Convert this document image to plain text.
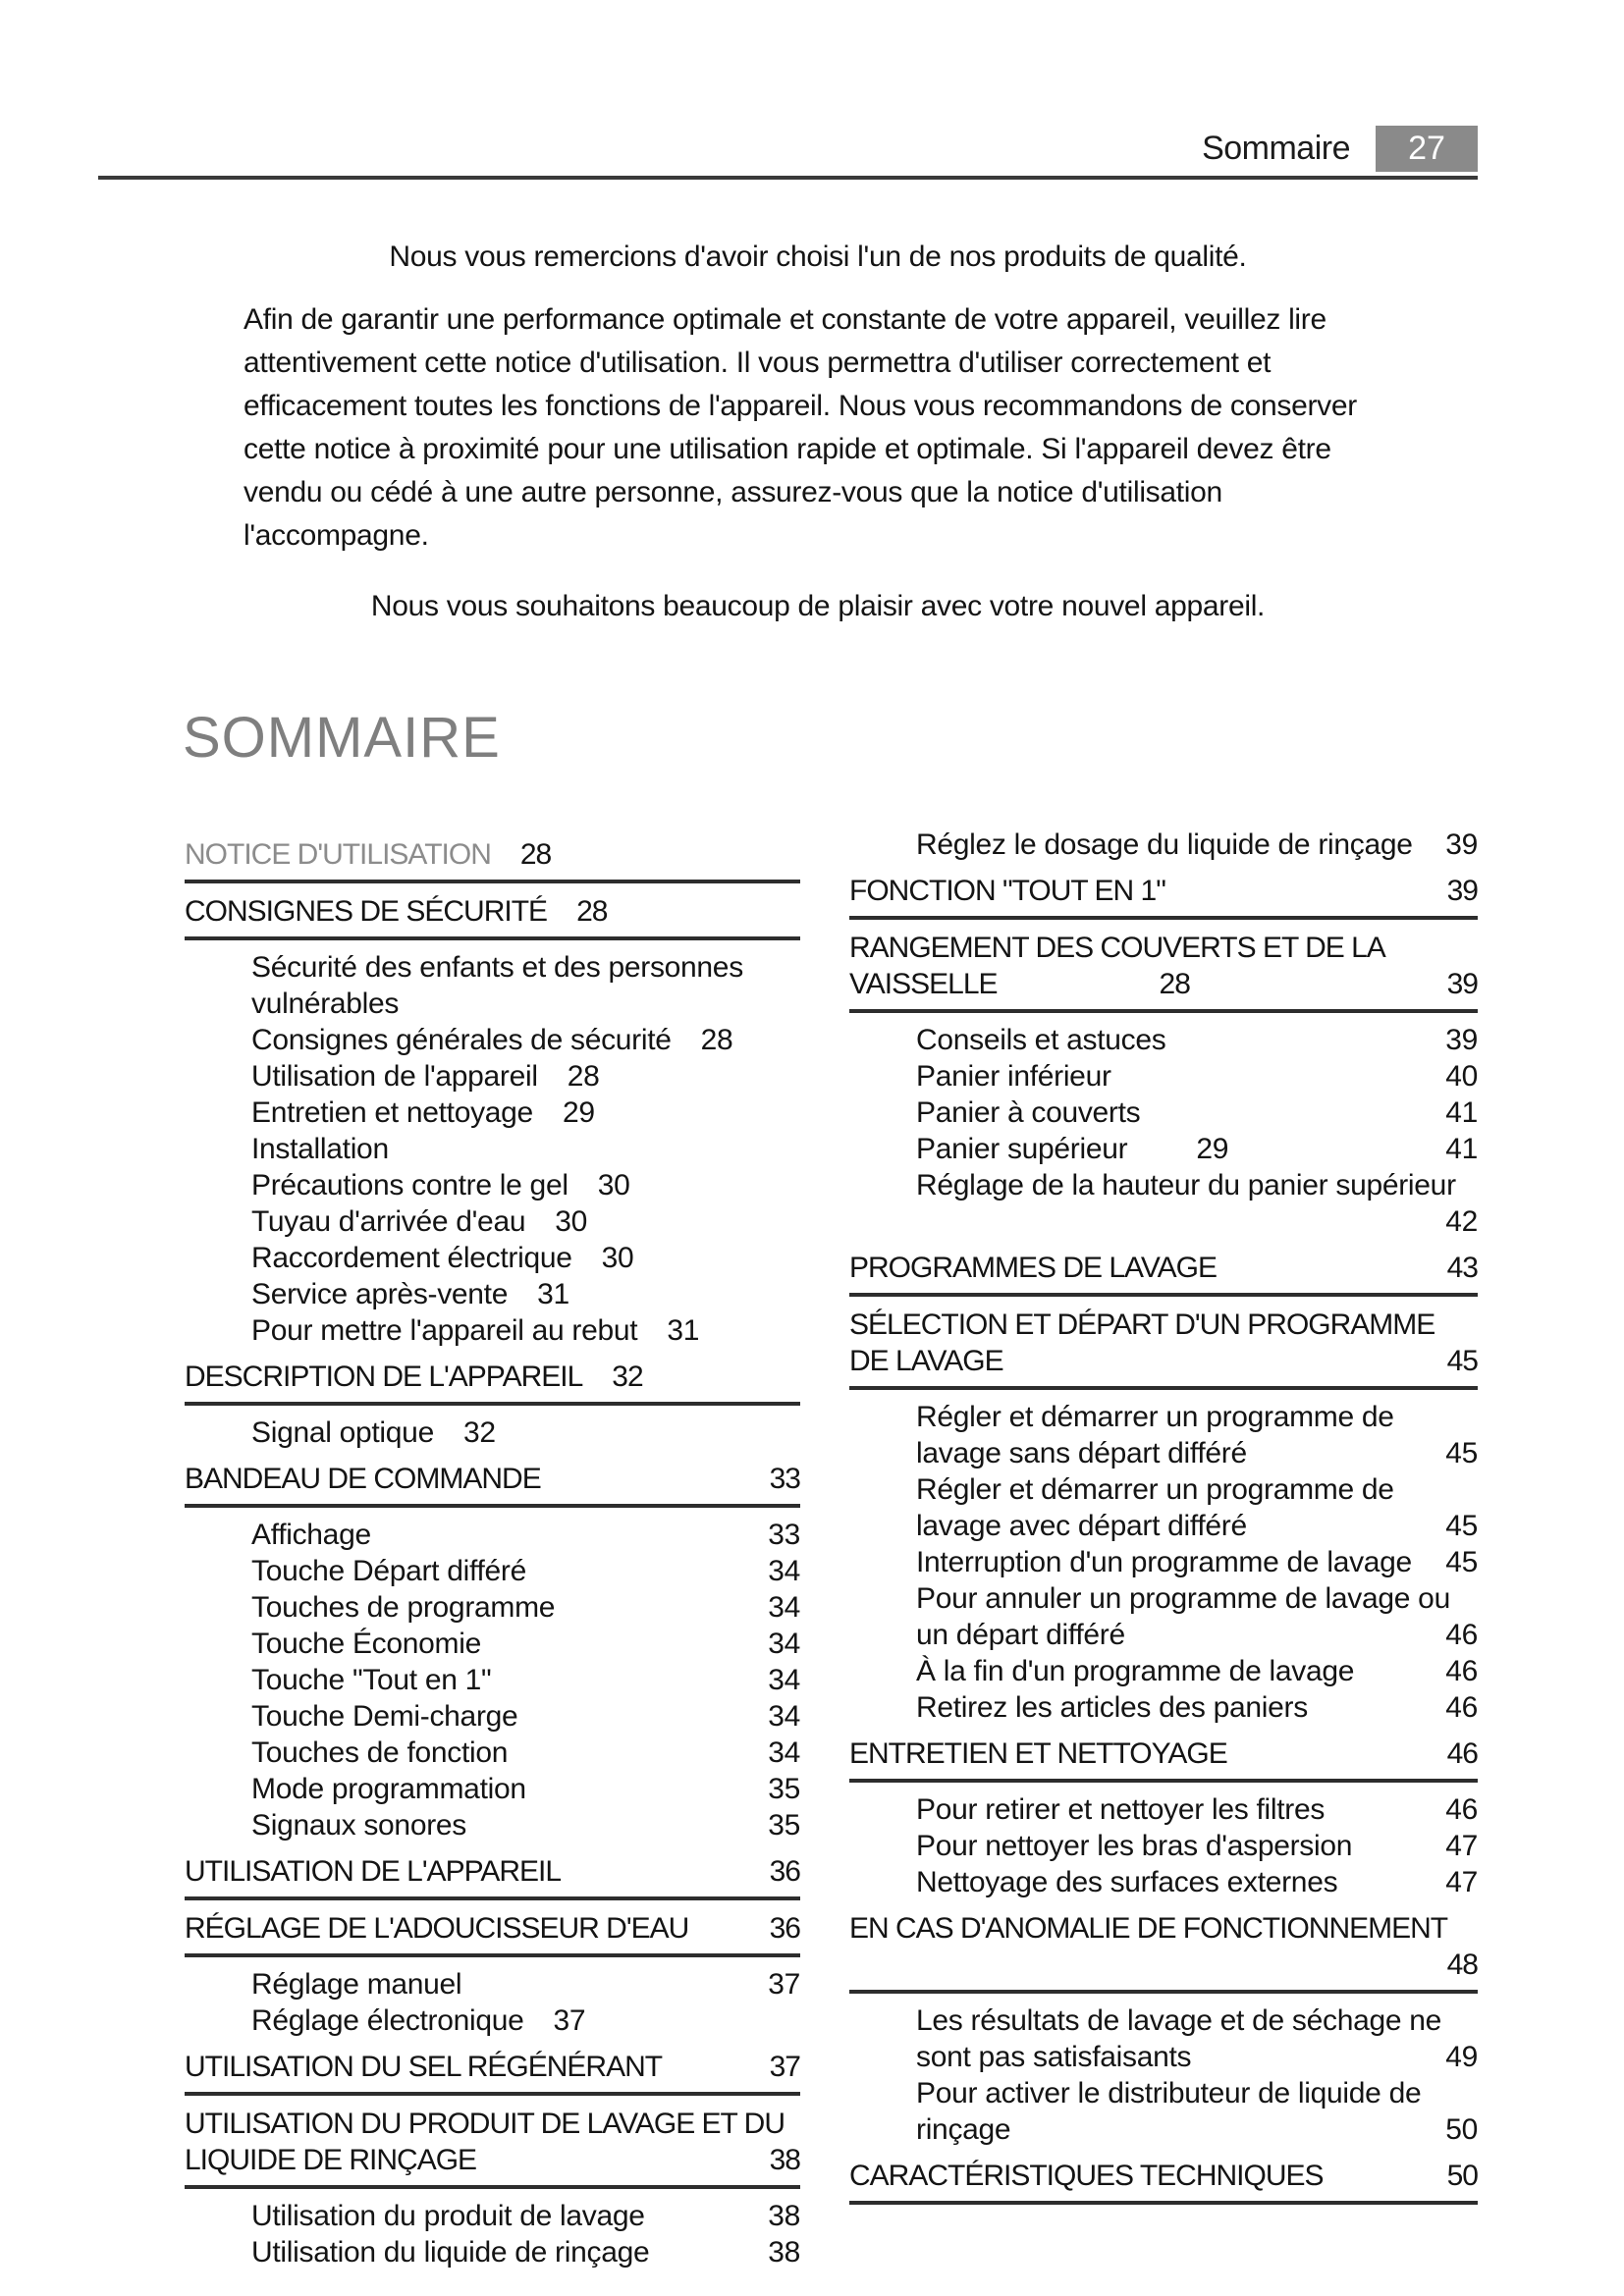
Sommaire 27
Nous vous remercions d'avoir choisi l'un de nos produits de qualité.
Afin de garantir une performance optimale et constante de votre appareil, veuillez lire attentivement cette notice d'utilisation. Il vous permettra d'utiliser correctement et efficacement toutes les fonctions de l'appareil. Nous vous recommandons de conserver cette notice à proximité pour une utilisation rapide et optimale. Si l'appareil devez être vendu ou cédé à une autre personne, assurez-vous que la notice d'utilisation l'accompagne.
Nous vous souhaitons beaucoup de plaisir avec votre nouvel appareil.
SOMMAIRE
NOTICE D'UTILISATION 28
CONSIGNES DE SÉCURITÉ 28
Sécurité des enfants et des personnes vulnérables
Consignes générales de sécurité 28
Utilisation de l'appareil 28
Entretien et nettoyage 29
Installation
Précautions contre le gel 30
Tuyau d'arrivée d'eau 30
Raccordement électrique 30
Service après-vente 31
Pour mettre l'appareil au rebut 31
DESCRIPTION DE L'APPAREIL 32
Signal optique 32
BANDEAU DE COMMANDE	33
Affichage	33
Touche Départ différé	34
Touches de programme	34
Touche Économie	34
Touche "Tout en 1"	34
Touche Demi-charge	34
Touches de fonction	34
Mode programmation	35
Signaux sonores	35
UTILISATION DE L'APPAREIL	36
RÉGLAGE DE L'ADOUCISSEUR D'EAU	36
Réglage manuel	37
Réglage électronique 37
UTILISATION DU SEL RÉGÉNÉRANT	37
UTILISATION DU PRODUIT DE LAVAGE ET DU LIQUIDE DE RINÇAGE	38
Utilisation du produit de lavage	38
Utilisation du liquide de rinçage	38
Réglez le dosage du liquide de rinçage 39
FONCTION "TOUT EN 1"	39
RANGEMENT DES COUVERTS ET DE LA VAISSELLE	28	39
Conseils et astuces	39
Panier inférieur	40
Panier à couverts	41
Panier supérieur 29	41
Réglage de la hauteur du panier supérieur
42
PROGRAMMES DE LAVAGE	43
SÉLECTION ET DÉPART D'UN PROGRAMME DE LAVAGE	45
Régler et démarrer un programme de lavage sans départ différé	45
Régler et démarrer un programme de lavage avec départ différé	45
Interruption d'un programme de lavage 45
Pour annuler un programme de lavage ou un départ différé	46
À la fin d'un programme de lavage	46
Retirez les articles des paniers	46
ENTRETIEN ET NETTOYAGE	46
Pour retirer et nettoyer les filtres	46
Pour nettoyer les bras d'aspersion	47
Nettoyage des surfaces externes	47
EN CAS D'ANOMALIE DE FONCTIONNEMENT
48
Les résultats de lavage et de séchage ne sont pas satisfaisants	49
Pour activer le distributeur de liquide de rinçage	50
CARACTÉRISTIQUES TECHNIQUES	50
